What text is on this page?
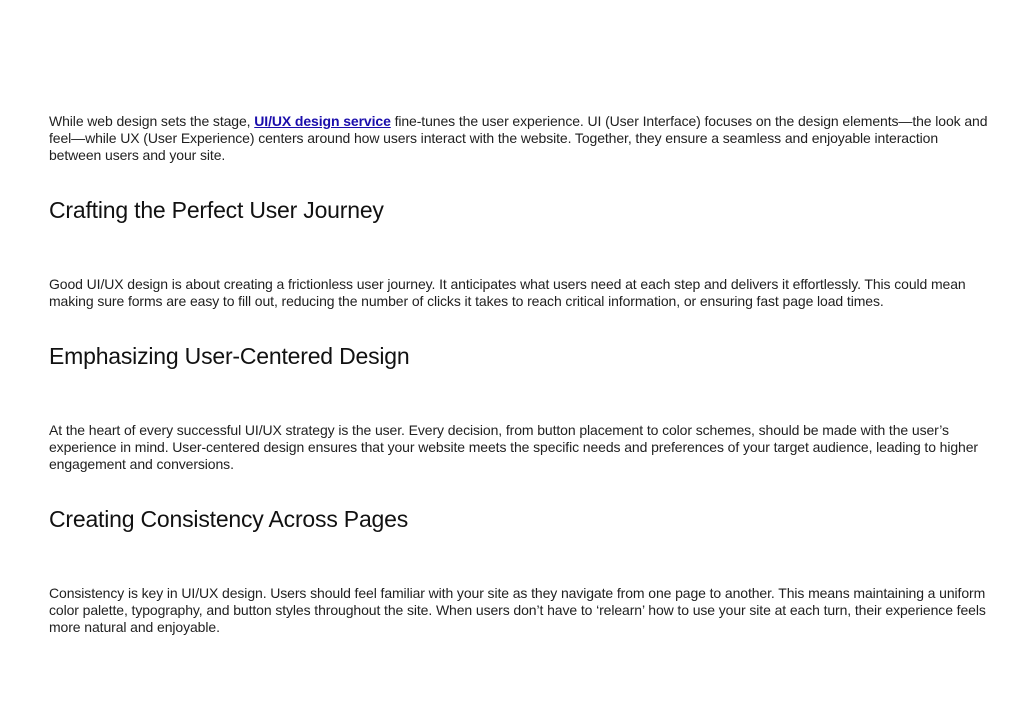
While web design sets the stage, UI/UX design service fine-tunes the user experience. UI (User Interface) focuses on the design elements—the look and feel—while UX (User Experience) centers around how users interact with the website. Together, they ensure a seamless and enjoyable interaction between users and your site.

Crafting the Perfect User Journey

Good UI/UX design is about creating a frictionless user journey. It anticipates what users need at each step and delivers it effortlessly. This could mean making sure forms are easy to fill out, reducing the number of clicks it takes to reach critical information, or ensuring fast page load times.

Emphasizing User-Centered Design

At the heart of every successful UI/UX strategy is the user. Every decision, from button placement to color schemes, should be made with the user’s experience in mind. User-centered design ensures that your website meets the specific needs and preferences of your target audience, leading to higher engagement and conversions.

Creating Consistency Across Pages

Consistency is key in UI/UX design. Users should feel familiar with your site as they navigate from one page to another. This means maintaining a uniform color palette, typography, and button styles throughout the site. When users don’t have to ‘relearn’ how to use your site at each turn, their experience feels more natural and enjoyable.
